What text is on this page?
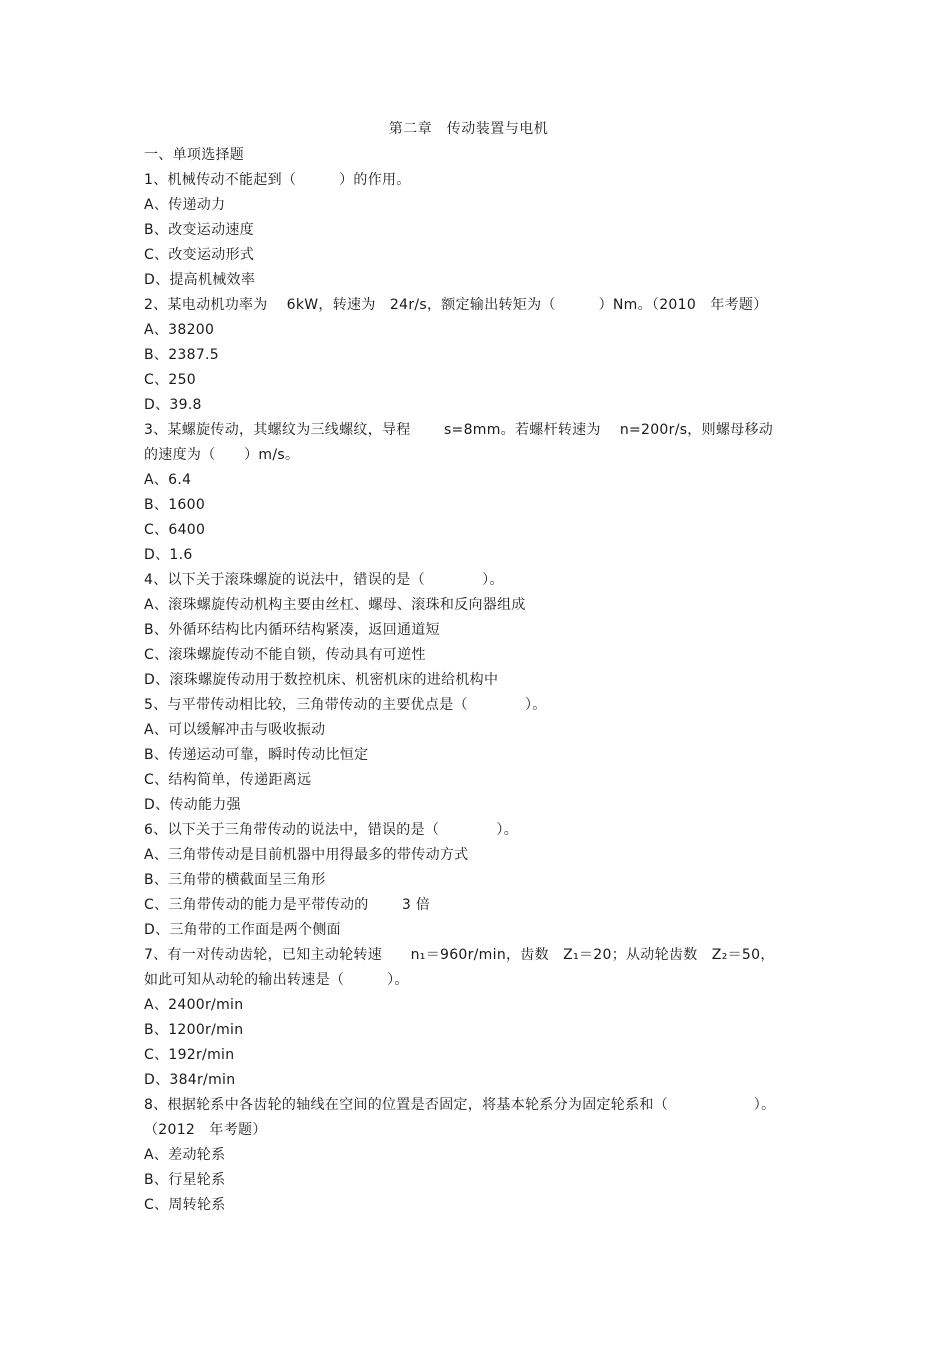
第二章　传动装置与电机
一、单项选择题
1、机械传动不能起到（　　　）的作用。
A、传递动力
B、改变运动速度
C、改变运动形式
D、提高机械效率
2、某电动机功率为　 6kW，转速为　24r/s，额定输出转矩为（　　　）Nm。（2010　年考题）
A、38200
B、2387.5
C、250
D、39.8
3、某螺旋传动，其螺纹为三线螺纹，导程　　 s=8mm。若螺杆转速为　 n=200r/s，则螺母移动
的速度为（　　）m/s。
A、6.4
B、1600
C、6400
D、1.6
4、以下关于滚珠螺旋的说法中，错误的是（　　　　）。
A、滚珠螺旋传动机构主要由丝杠、螺母、滚珠和反向器组成
B、外循环结构比内循环结构紧凑，返回通道短
C、滚珠螺旋传动不能自锁，传动具有可逆性
D、滚珠螺旋传动用于数控机床、机密机床的进给机构中
5、与平带传动相比较，三角带传动的主要优点是（　　　　）。
A、可以缓解冲击与吸收振动
B、传递运动可靠，瞬时传动比恒定
C、结构简单，传递距离远
D、传动能力强
6、以下关于三角带传动的说法中，错误的是（　　　　）。
A、三角带传动是目前机器中用得最多的带传动方式
B、三角带的横截面呈三角形
C、三角带传动的能力是平带传动的　　 3 倍
D、三角带的工作面是两个侧面
7、有一对传动齿轮，已知主动轮转速　　n₁＝960r/min，齿数　Z₁＝20；从动轮齿数　Z₂＝50，
如此可知从动轮的输出转速是（　　　）。
A、2400r/min
B、1200r/min
C、192r/min
D、384r/min
8、根据轮系中各齿轮的轴线在空间的位置是否固定，将基本轮系分为固定轮系和（　　　　　　）。
（2012　年考题）
A、差动轮系
B、行星轮系
C、周转轮系
